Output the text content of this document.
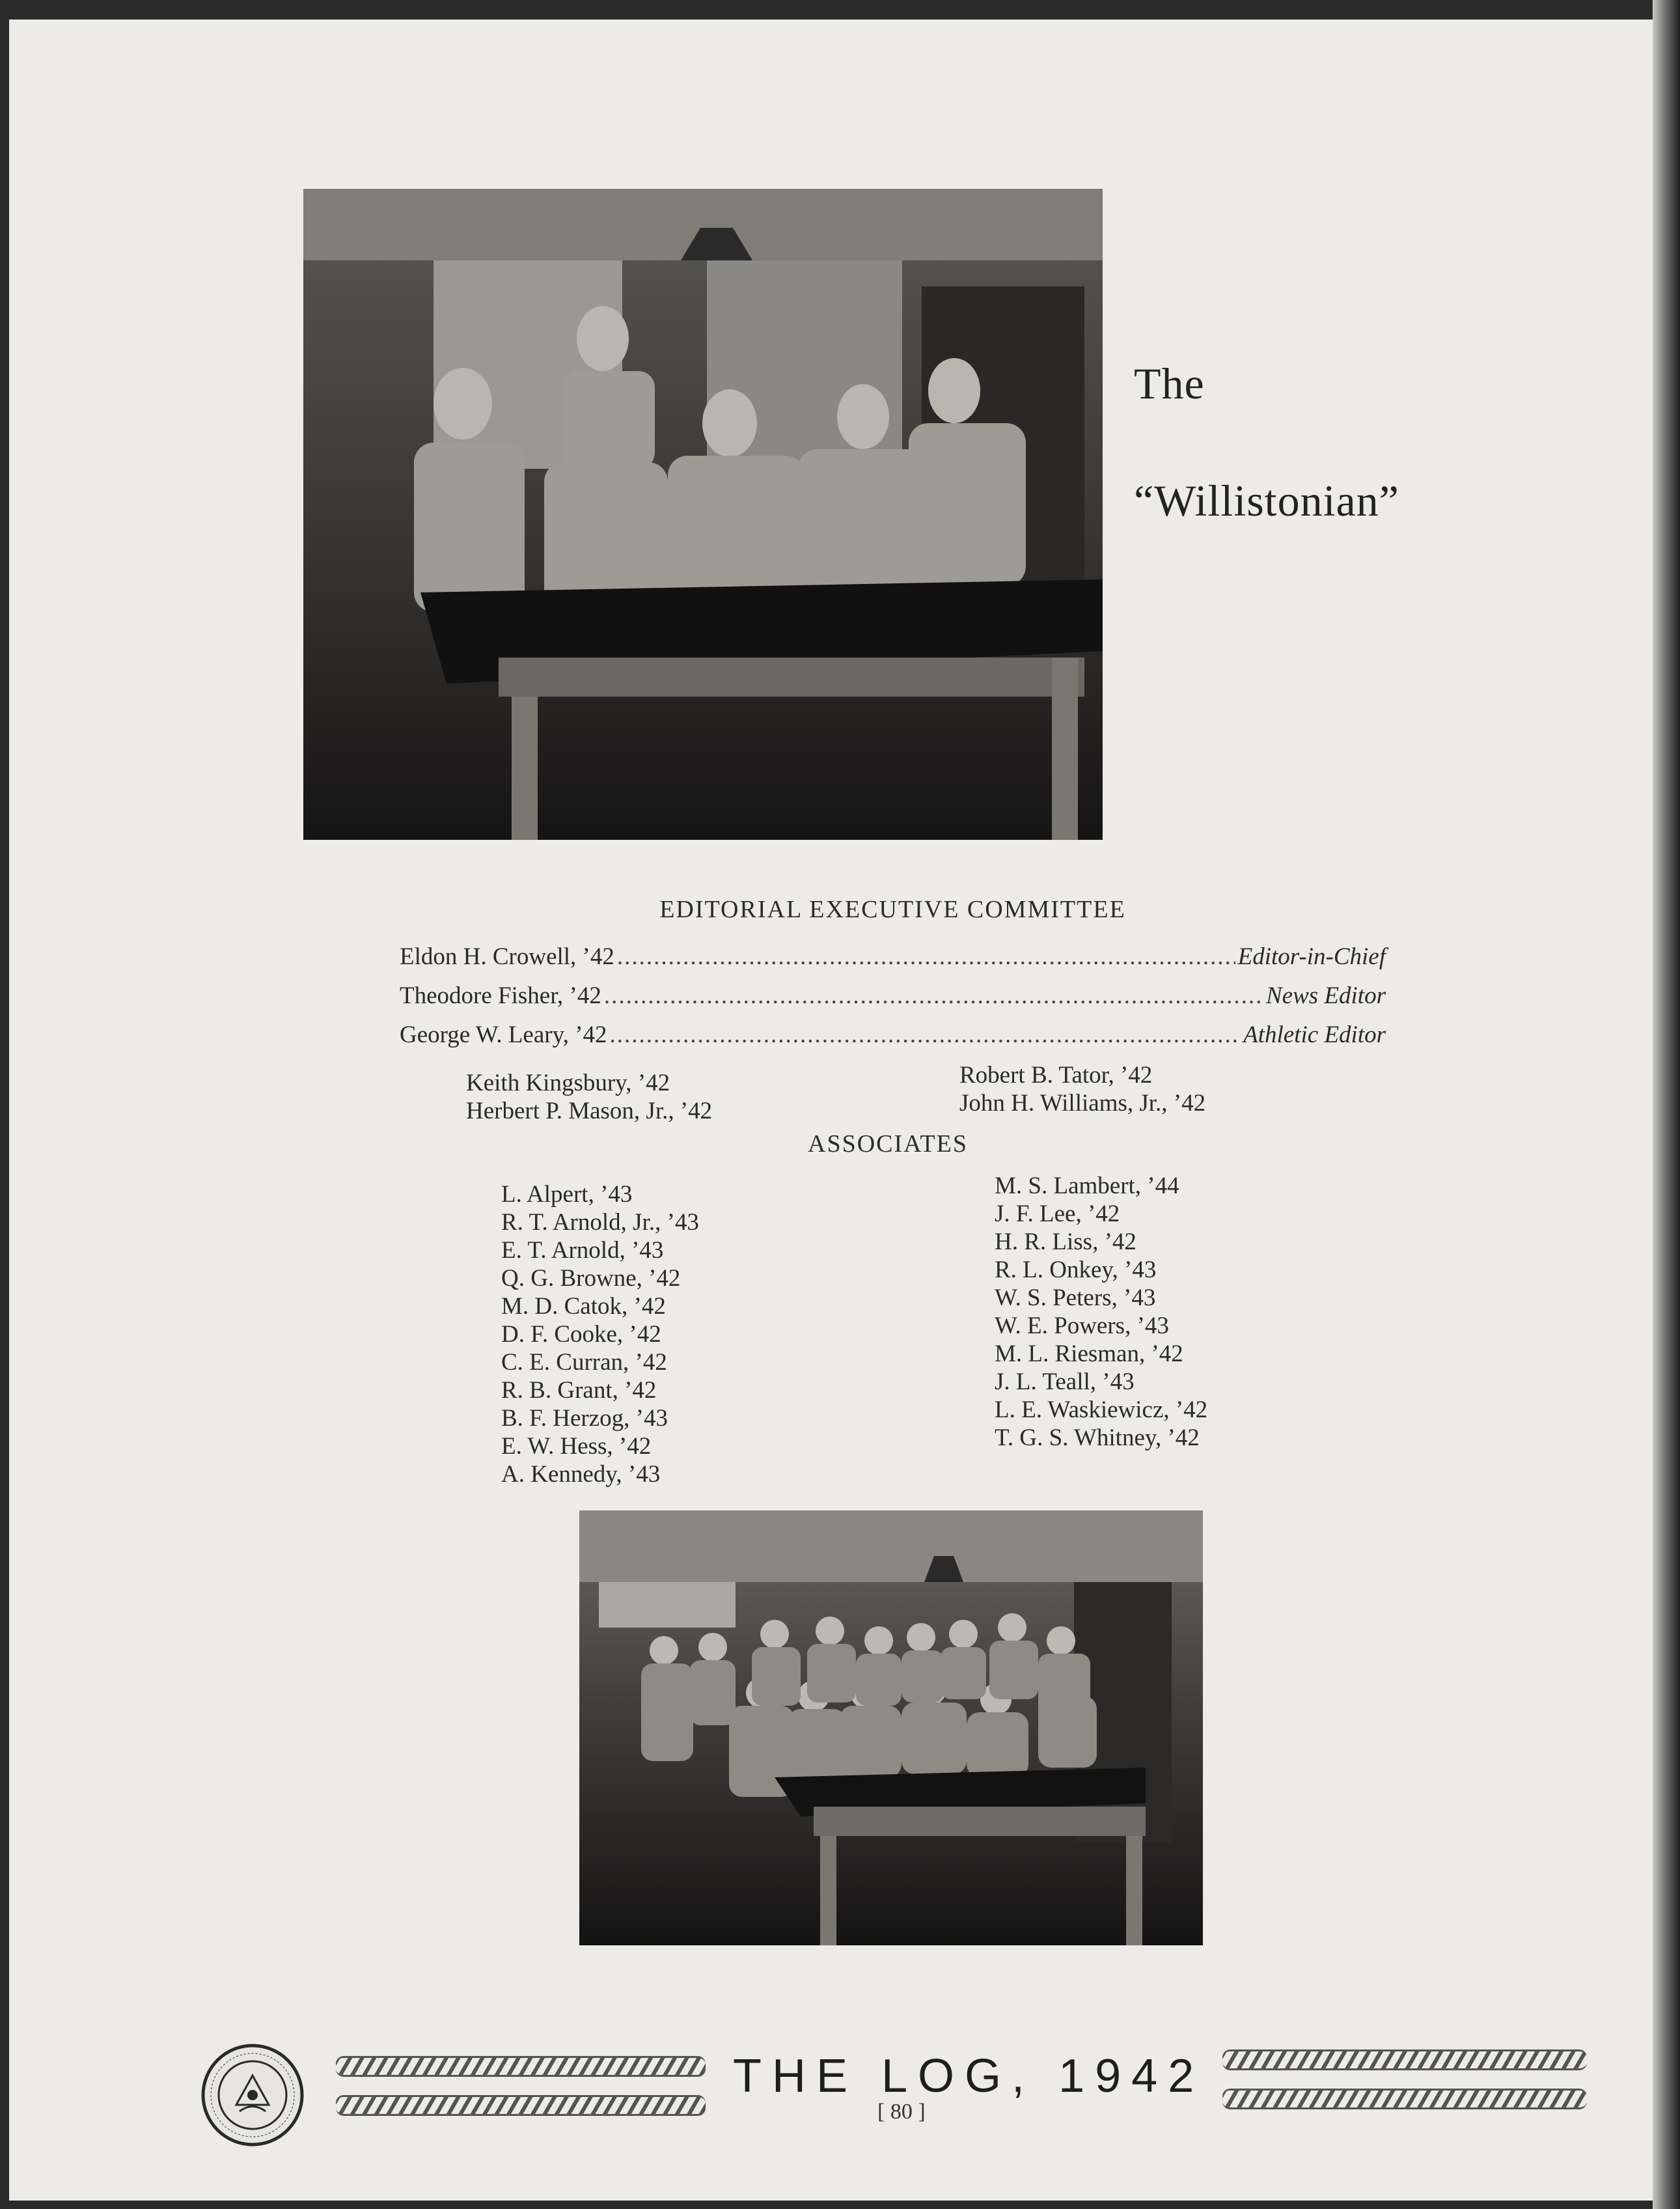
The
“Willistonian”
EDITORIAL EXECUTIVE COMMITTEE
Eldon H. Crowell, ’42 .....	Editor-in-Chief
Theodore Fisher, ’42 .....	News Editor
George W. Leary, ’42 .....	Athletic Editor
Keith Kingsbury, ’42
Herbert P. Mason, Jr., ’42
Robert B. Tator, ’42
John H. Williams, Jr., ’42
ASSOCIATES
L. Alpert, ’43
R. T. Arnold, Jr., ’43
E. T. Arnold, ’43
Q. G. Browne, ’42
M. D. Catok, ’42
D. F. Cooke, ’42
C. E. Curran, ’42
R. B. Grant, ’42
B. F. Herzog, ’43
E. W. Hess, ’42
A. Kennedy, ’43
M. S. Lambert, ’44
J. F. Lee, ’42
H. R. Liss, ’42
R. L. Onkey, ’43
W. S. Peters, ’43
W. E. Powers, ’43
M. L. Riesman, ’42
J. L. Teall, ’43
L. E. Waskiewicz, ’42
T. G. S. Whitney, ’42
THE LOG, 1942
[ 80 ]
